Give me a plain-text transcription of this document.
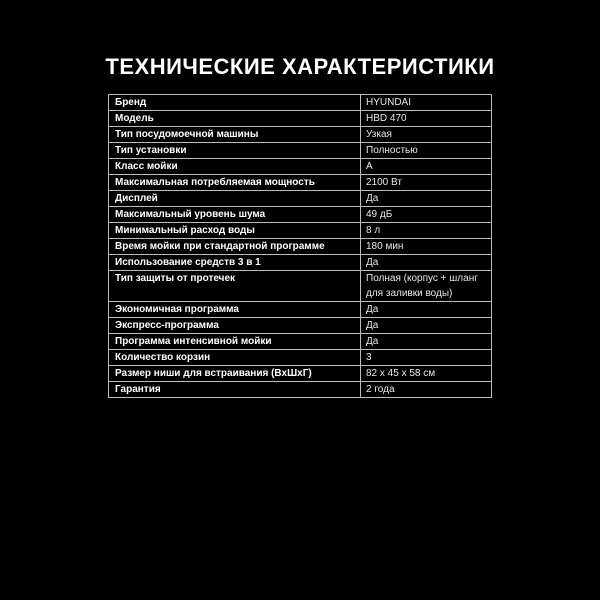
ТЕХНИЧЕСКИЕ ХАРАКТЕРИСТИКИ
Бренд	HYUNDAI
Модель	HBD 470
Тип посудомоечной машины	Узкая
Тип установки	Полностью
Класс мойки	A
Максимальная потребляемая мощность	2100 Вт
Дисплей	Да
Максимальный уровень шума	49 дБ
Минимальный расход воды	8 л
Время мойки при стандартной программе	180 мин
Использование средств 3 в 1	Да
Тип защиты от протечек	Полная (корпус + шланг для заливки воды)
Экономичная программа	Да
Экспресс-программа	Да
Программа интенсивной мойки	Да
Количество корзин	3
Размер ниши для встраивания (ВхШхГ)	82 x 45 x 58 см
Гарантия	2 года
